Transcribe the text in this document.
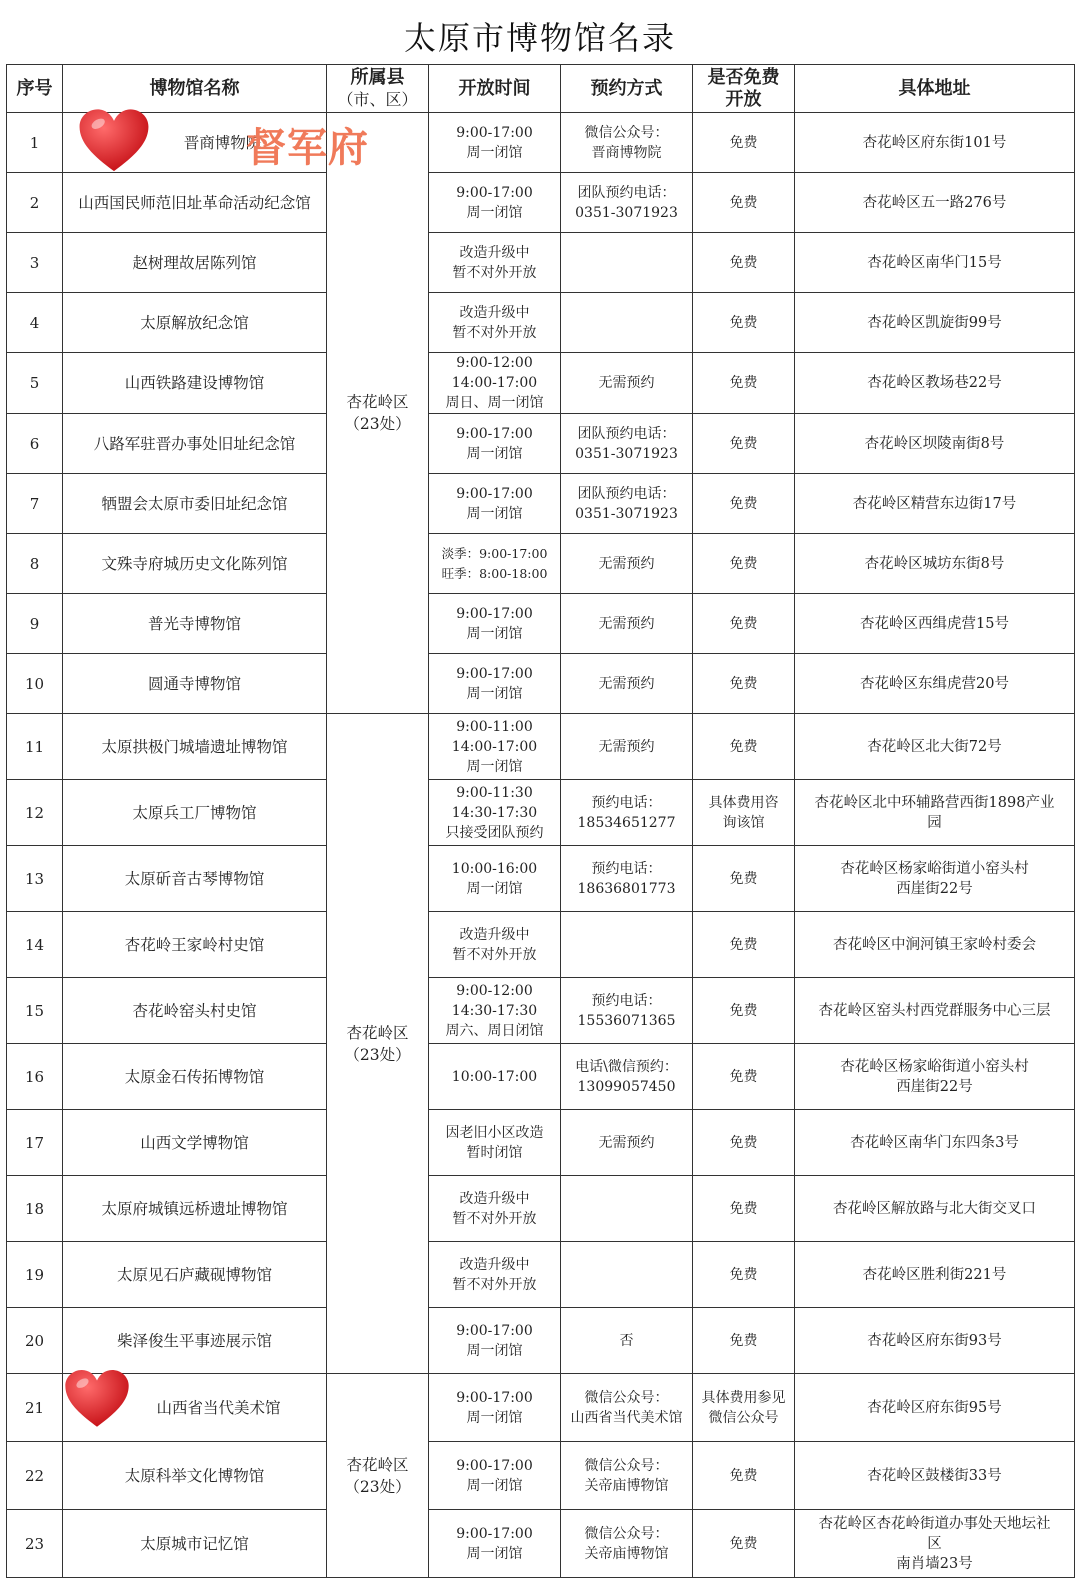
太原市博物馆名录
序号	博物馆名称	所属县
（市、区）	开放时间	预约方式	是否免费
开放	具体地址
1	晋商博物院	杏花岭区
（23处）	9:00-17:00
周一闭馆	微信公众号：
晋商博物院	免费	杏花岭区府东街101号

2	山西国民师范旧址革命活动纪念馆		9:00-17:00
周一闭馆	团队预约电话：
0351-3071923	免费	杏花岭区五一路276号

3	赵树理故居陈列馆		改造升级中
暂不对外开放		免费	杏花岭区南华门15号

4	太原解放纪念馆		改造升级中
暂不对外开放		免费	杏花岭区凯旋街99号

5	山西铁路建设博物馆		9:00-12:00
14:00-17:00
周日、周一闭馆	无需预约	免费	杏花岭区教场巷22号

6	八路军驻晋办事处旧址纪念馆		9:00-17:00
周一闭馆	团队预约电话：
0351-3071923	免费	杏花岭区坝陵南街8号

7	牺盟会太原市委旧址纪念馆		9:00-17:00
周一闭馆	团队预约电话：
0351-3071923	免费	杏花岭区精营东边街17号

8	文殊寺府城历史文化陈列馆		淡季：9:00-17:00
旺季：8:00-18:00	无需预约	免费	杏花岭区城坊东街8号

9	普光寺博物馆		9:00-17:00
周一闭馆	无需预约	免费	杏花岭区西缉虎营15号

10	圆通寺博物馆		9:00-17:00
周一闭馆	无需预约	免费	杏花岭区东缉虎营20号

11	太原拱极门城墙遗址博物馆	杏花岭区
（23处）	9:00-11:00
14:00-17:00
周一闭馆	无需预约	免费	杏花岭区北大街72号

12	太原兵工厂博物馆		9:00-11:30
14:30-17:30
只接受团队预约	预约电话：
18534651277	具体费用咨
询该馆	杏花岭区北中环辅路营西街1898产业
园

13	太原斫音古琴博物馆		10:00-16:00
周一闭馆	预约电话：
18636801773	免费	杏花岭区杨家峪街道小窑头村
西崖街22号

14	杏花岭王家岭村史馆		改造升级中
暂不对外开放		免费	杏花岭区中涧河镇王家岭村委会

15	杏花岭窑头村史馆		9:00-12:00
14:30-17:30
周六、周日闭馆	预约电话：
15536071365	免费	杏花岭区窑头村西党群服务中心三层

16	太原金石传拓博物馆		10:00-17:00	电话\微信预约：
13099057450	免费	杏花岭区杨家峪街道小窑头村
西崖街22号

17	山西文学博物馆		因老旧小区改造
暂时闭馆	无需预约	免费	杏花岭区南华门东四条3号

18	太原府城镇远桥遗址博物馆		改造升级中
暂不对外开放		免费	杏花岭区解放路与北大街交叉口

19	太原见石庐藏砚博物馆		改造升级中
暂不对外开放		免费	杏花岭区胜利街221号

20	柴泽俊生平事迹展示馆		9:00-17:00
周一闭馆	否	免费	杏花岭区府东街93号

21	山西省当代美术馆	杏花岭区
（23处）	9:00-17:00
周一闭馆	微信公众号：
山西省当代美术馆	具体费用参见
微信公众号	杏花岭区府东街95号

22	太原科举文化博物馆		9:00-17:00
周一闭馆	微信公众号：
关帝庙博物馆	免费	杏花岭区鼓楼街33号

23	太原城市记忆馆		9:00-17:00
周一闭馆	微信公众号：
关帝庙博物馆	免费	杏花岭区杏花岭街道办事处天地坛社
区
南肖墙23号
督军府
